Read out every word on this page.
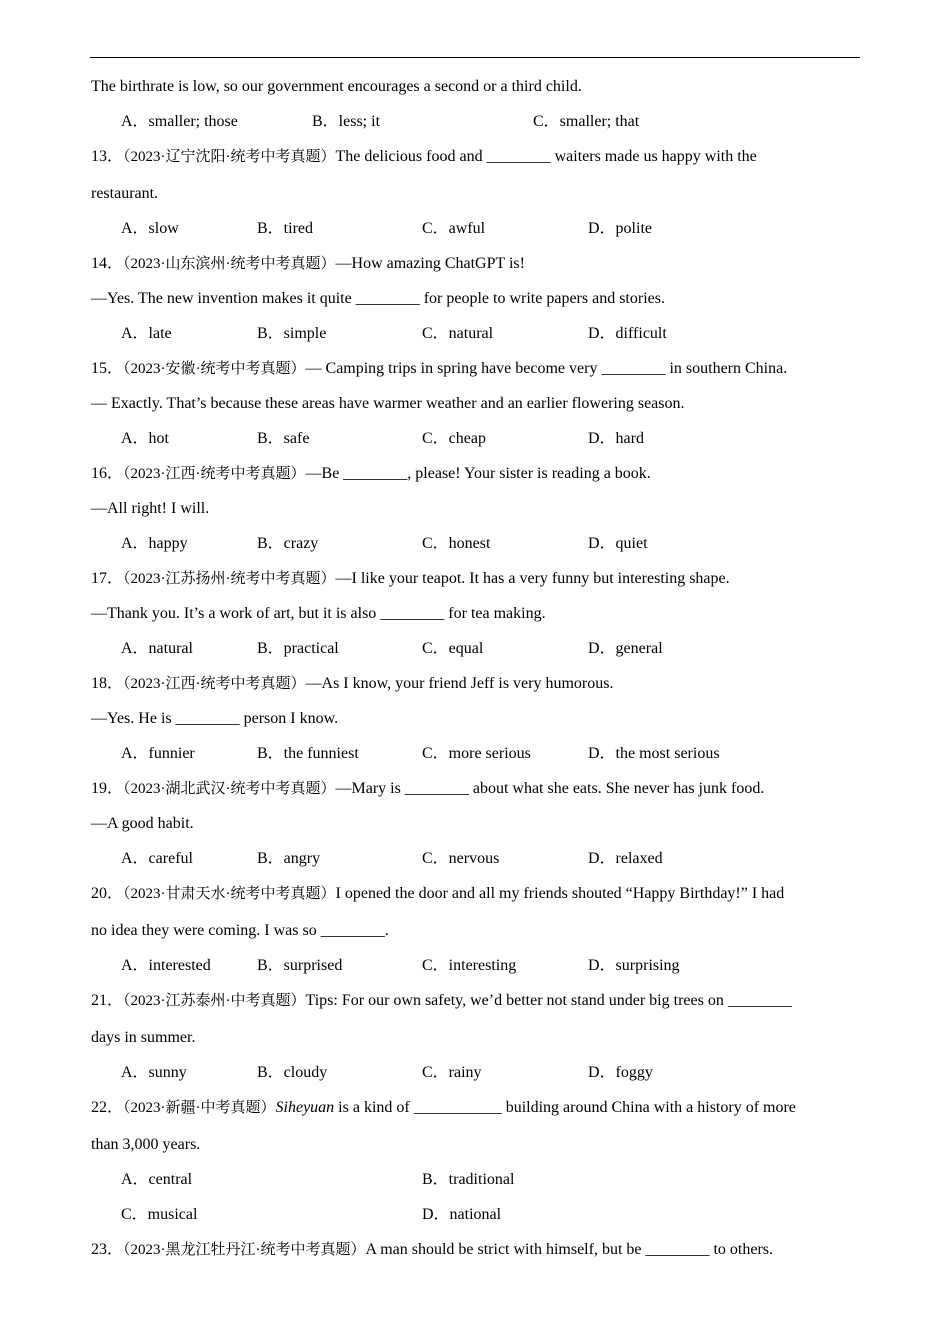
The birthrate is low, so our government encourages a second or a third child.
A．smaller; those	B．less; it	C．smaller; that
13．（2023·辽宁沈阳·统考中考真题）The delicious food and ________ waiters made us happy with the
restaurant.
A．slow	B．tired	C．awful	D．polite
14．（2023·山东滨州·统考中考真题）—How amazing ChatGPT is!
—Yes. The new invention makes it quite ________ for people to write papers and stories.
A．late	B．simple	C．natural	D．difficult
15．（2023·安徽·统考中考真题）— Camping trips in spring have become very ________ in southern China.
— Exactly. That’s because these areas have warmer weather and an earlier flowering season.
A．hot	B．safe	C．cheap	D．hard
16．（2023·江西·统考中考真题）—Be ________, please! Your sister is reading a book.
—All right! I will.
A．happy	B．crazy	C．honest	D．quiet
17．（2023·江苏扬州·统考中考真题）—I like your teapot. It has a very funny but interesting shape.
—Thank you. It’s a work of art, but it is also ________ for tea making.
A．natural	B．practical	C．equal	D．general
18．（2023·江西·统考中考真题）—As I know, your friend Jeff is very humorous.
—Yes. He is ________ person I know.
A．funnier	B．the funniest	C．more serious	D．the most serious
19．（2023·湖北武汉·统考中考真题）—Mary is ________ about what she eats. She never has junk food.
—A good habit.
A．careful	B．angry	C．nervous	D．relaxed
20．（2023·甘肃天水·统考中考真题）I opened the door and all my friends shouted “Happy Birthday!” I had
no idea they were coming. I was so ________.
A．interested	B．surprised	C．interesting	D．surprising
21．（2023·江苏泰州·中考真题）Tips: For our own safety, we’d better not stand under big trees on ________
days in summer.
A．sunny	B．cloudy	C．rainy	D．foggy
22．（2023·新疆·中考真题）Siheyuan is a kind of ___________ building around China with a history of more
than 3,000 years.
A．central	B．traditional
C．musical	D．national
23．（2023·黑龙江牡丹江·统考中考真题）A man should be strict with himself, but be ________ to others.
